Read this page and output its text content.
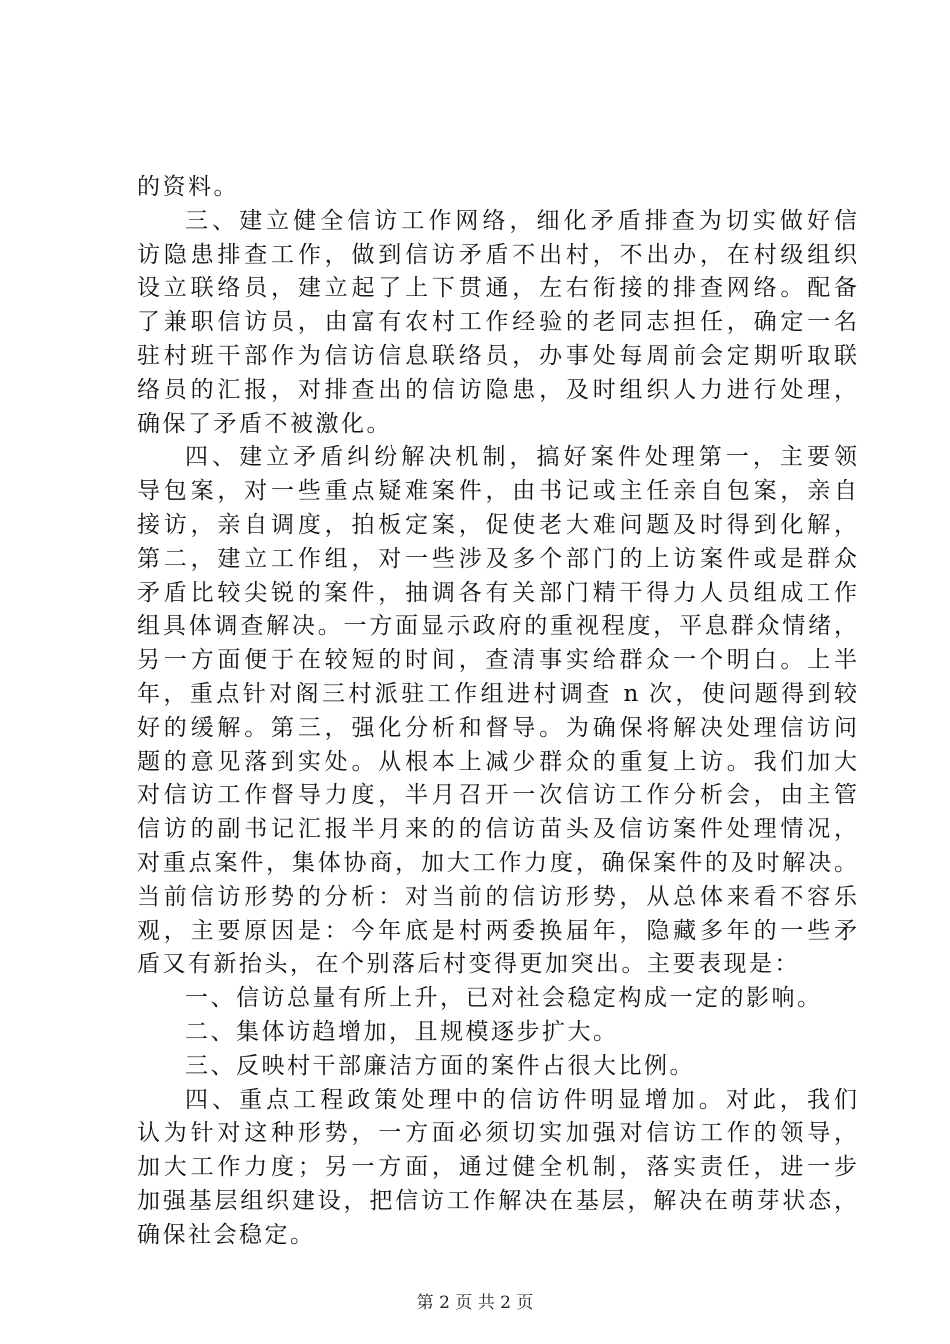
的资料。
三、建立健全信访工作网络，细化矛盾排查为切实做好信
访隐患排查工作，做到信访矛盾不出村，不出办，在村级组织
设立联络员，建立起了上下贯通，左右衔接的排查网络。配备
了兼职信访员，由富有农村工作经验的老同志担任，确定一名
驻村班干部作为信访信息联络员，办事处每周前会定期听取联
络员的汇报，对排查出的信访隐患，及时组织人力进行处理，
确保了矛盾不被激化。
四、建立矛盾纠纷解决机制，搞好案件处理第一，主要领
导包案，对一些重点疑难案件，由书记或主任亲自包案，亲自
接访，亲自调度，拍板定案，促使老大难问题及时得到化解，
第二，建立工作组，对一些涉及多个部门的上访案件或是群众
矛盾比较尖锐的案件，抽调各有关部门精干得力人员组成工作
组具体调查解决。一方面显示政府的重视程度，平息群众情绪，
另一方面便于在较短的时间，查清事实给群众一个明白。上半
年，重点针对阁三村派驻工作组进村调查 n 次，使问题得到较
好的缓解。第三，强化分析和督导。为确保将解决处理信访问
题的意见落到实处。从根本上减少群众的重复上访。我们加大
对信访工作督导力度，半月召开一次信访工作分析会，由主管
信访的副书记汇报半月来的的信访苗头及信访案件处理情况，
对重点案件，集体协商，加大工作力度，确保案件的及时解决。
当前信访形势的分析：对当前的信访形势，从总体来看不容乐
观，主要原因是：今年底是村两委换届年，隐藏多年的一些矛
盾又有新抬头，在个别落后村变得更加突出。主要表现是：
一、信访总量有所上升，已对社会稳定构成一定的影响。
二、集体访趋增加，且规模逐步扩大。
三、反映村干部廉洁方面的案件占很大比例。
四、重点工程政策处理中的信访件明显增加。对此，我们
认为针对这种形势，一方面必须切实加强对信访工作的领导，
加大工作力度；另一方面，通过健全机制，落实责任，进一步
加强基层组织建设，把信访工作解决在基层，解决在萌芽状态，
确保社会稳定。
第 2 页 共 2 页
